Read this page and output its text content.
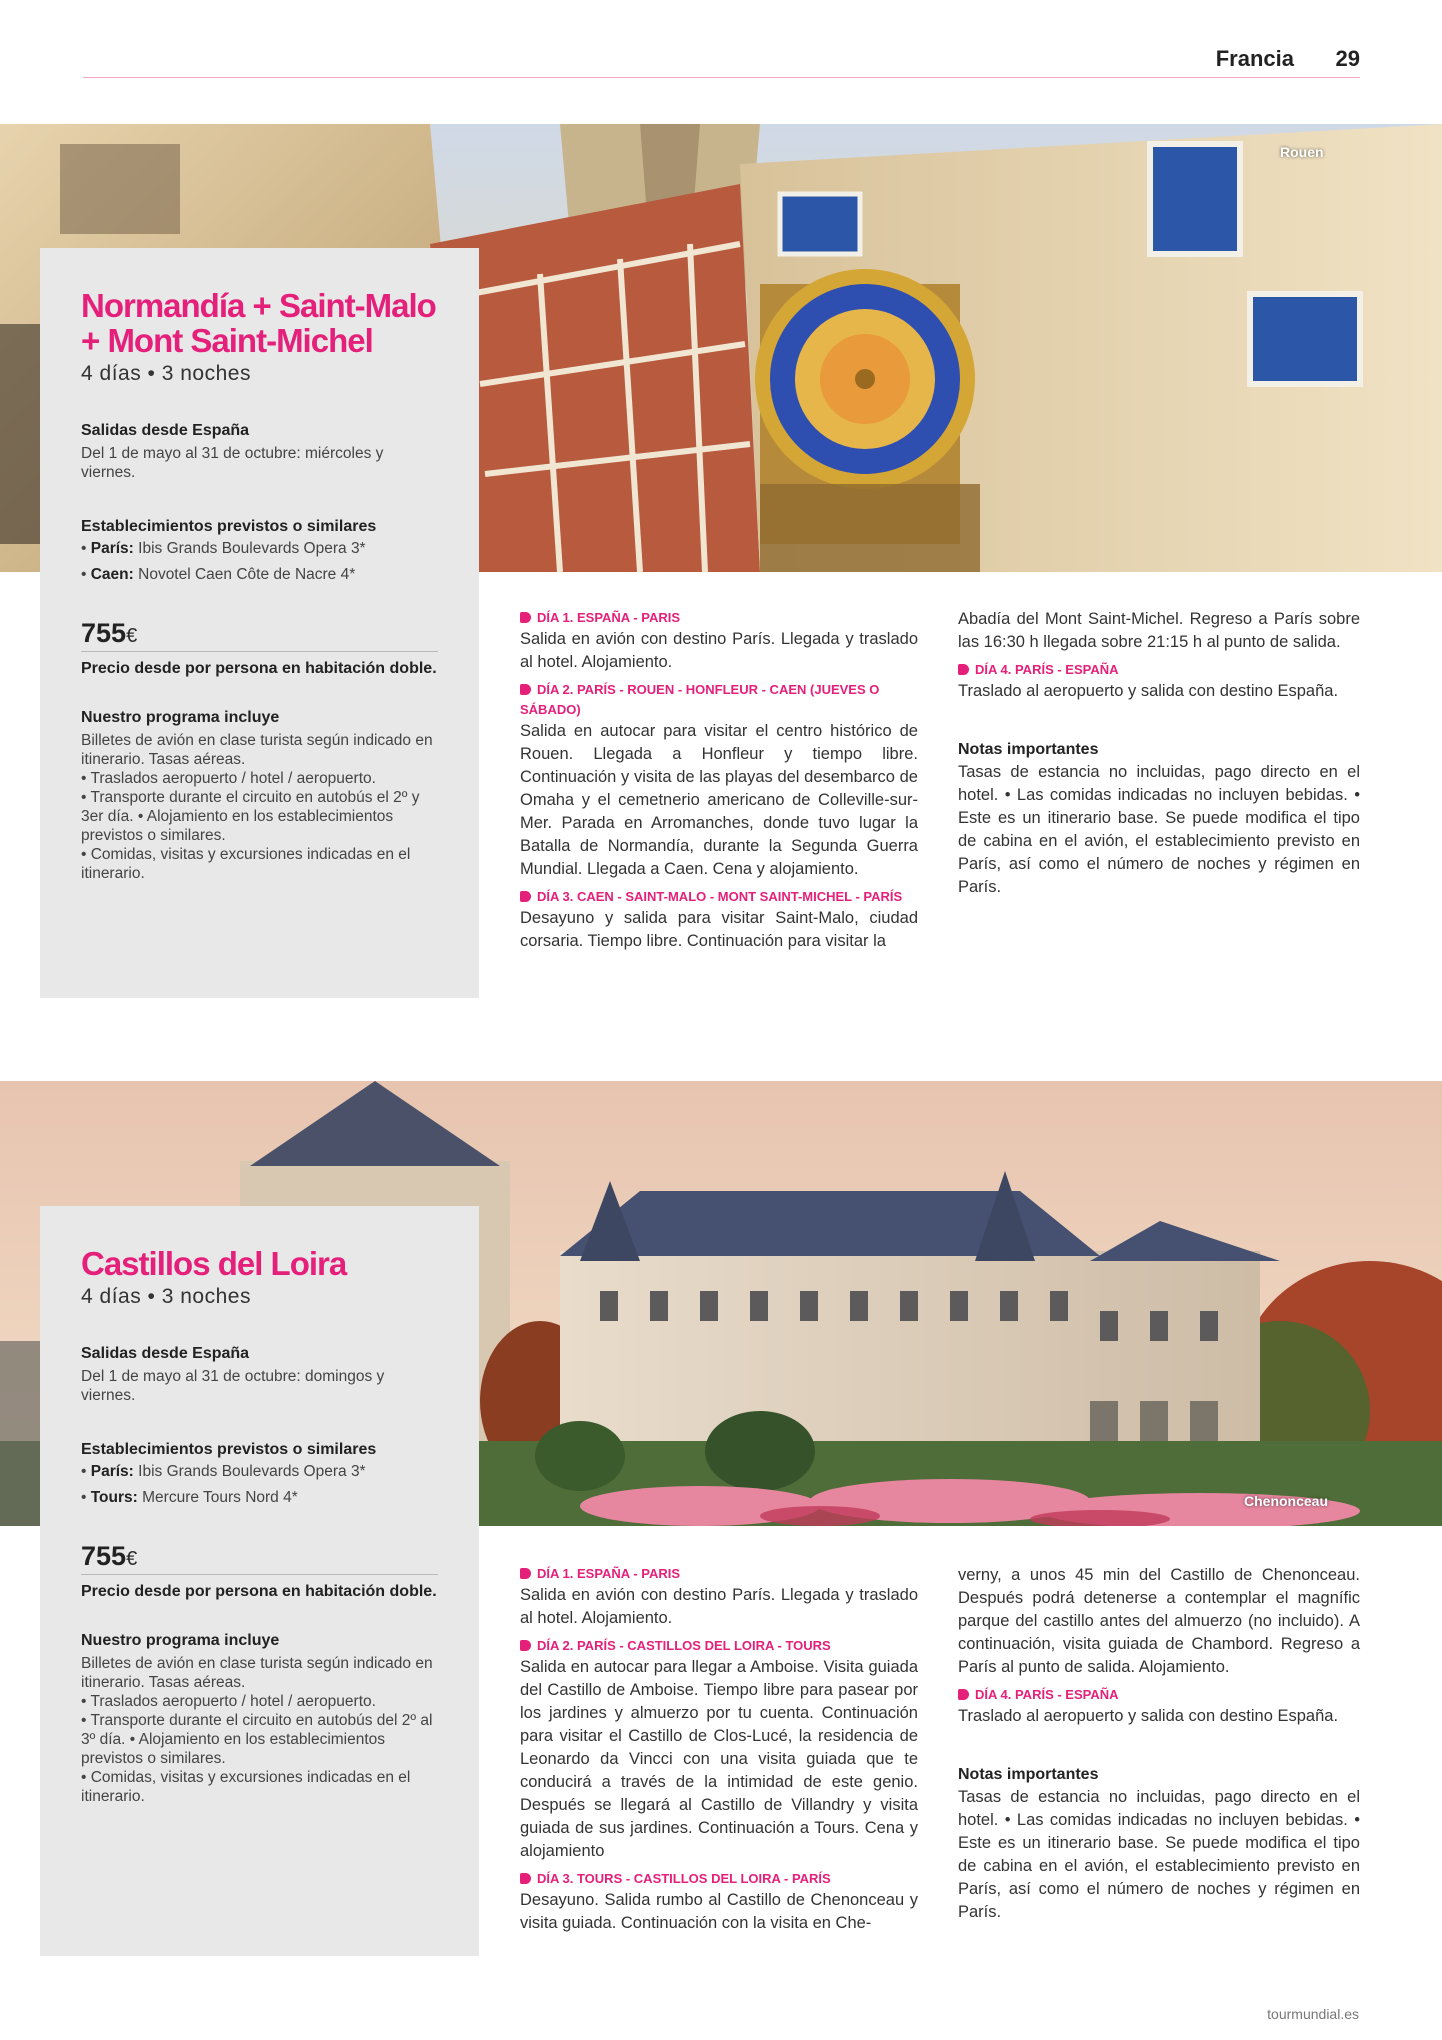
Francia 29
Rouen
Normandía + Saint-Malo
+ Mont Saint-Michel
4 días • 3 noches
Salidas desde España
Del 1 de mayo al 31 de octubre: miércoles y viernes.
Establecimientos previstos o similares
• París: Ibis Grands Boulevards Opera 3*
• Caen: Novotel Caen Côte de Nacre 4*
755€
Precio desde por persona en habitación doble.
Nuestro programa incluye
Billetes de avión en clase turista según indicado en itinerario. Tasas aéreas.
• Traslados aeropuerto / hotel / aeropuerto.
• Transporte durante el circuito en autobús el 2º y 3er día. • Alojamiento en los establecimientos previstos o similares.
• Comidas, visitas y excursiones indicadas en el itinerario.
DÍA 1. ESPAÑA - PARIS
Salida en avión con destino París. Llegada y traslado al hotel. Alojamiento.
DÍA 2. PARÍS - ROUEN - HONFLEUR - CAEN (JUEVES O SÁBADO)
Salida en autocar para visitar el centro histórico de Rouen. Llegada a Honfleur y tiempo libre. Continuación y visita de las playas del desembarco de Omaha y el cemetnerio americano de Colleville-sur-Mer. Parada en Arromanches, donde tuvo lugar la Batalla de Normandía, durante la Segunda Guerra Mundial. Llegada a Caen. Cena y alojamiento.
DÍA 3. CAEN - SAINT-MALO - MONT SAINT-MICHEL - PARÍS
Desayuno y salida para visitar Saint-Malo, ciudad corsaria. Tiempo libre. Continuación para visitar la
Abadía del Mont Saint-Michel. Regreso a París sobre las 16:30 h llegada sobre 21:15 h al punto de salida.
DÍA 4. PARÍS - ESPAÑA
Traslado al aeropuerto y salida con destino España.
Notas importantes
Tasas de estancia no incluidas, pago directo en el hotel. • Las comidas indicadas no incluyen bebidas. • Este es un itinerario base. Se puede modifica el tipo de cabina en el avión, el establecimiento previsto en París, así como el número de noches y régimen en París.
Chenonceau
Castillos del Loira
4 días • 3 noches
Salidas desde España
Del 1 de mayo al 31 de octubre: domingos y viernes.
Establecimientos previstos o similares
• París: Ibis Grands Boulevards Opera 3*
• Tours: Mercure Tours Nord 4*
755€
Precio desde por persona en habitación doble.
Nuestro programa incluye
Billetes de avión en clase turista según indicado en itinerario. Tasas aéreas.
• Traslados aeropuerto / hotel / aeropuerto.
• Transporte durante el circuito en autobús del 2º al 3º día. • Alojamiento en los establecimientos previstos o similares.
• Comidas, visitas y excursiones indicadas en el itinerario.
DÍA 1. ESPAÑA - PARIS
Salida en avión con destino París. Llegada y traslado al hotel. Alojamiento.
DÍA 2. PARÍS - CASTILLOS DEL LOIRA - TOURS
Salida en autocar para llegar a Amboise. Visita guiada del Castillo de Amboise. Tiempo libre para pasear por los jardines y almuerzo por tu cuenta. Continuación para visitar el Castillo de Clos-Lucé, la residencia de Leonardo da Vincci con una visita guiada que te conducirá a través de la intimidad de este genio. Después se llegará al Castillo de Villandry y visita guiada de sus jardines. Continuación a Tours. Cena y alojamiento
DÍA 3. TOURS - CASTILLOS DEL LOIRA - PARÍS
Desayuno. Salida rumbo al Castillo de Chenonceau y visita guiada. Continuación con la visita en Che-
verny, a unos 45 min del Castillo de Chenonceau. Después podrá detenerse a contemplar el magnífic parque del castillo antes del almuerzo (no incluido). A continuación, visita guiada de Chambord. Regreso a París al punto de salida. Alojamiento.
DÍA 4. PARÍS - ESPAÑA
Traslado al aeropuerto y salida con destino España.
Notas importantes
Tasas de estancia no incluidas, pago directo en el hotel. • Las comidas indicadas no incluyen bebidas. • Este es un itinerario base. Se puede modifica el tipo de cabina en el avión, el establecimiento previsto en París, así como el número de noches y régimen en París.
tourmundial.es
